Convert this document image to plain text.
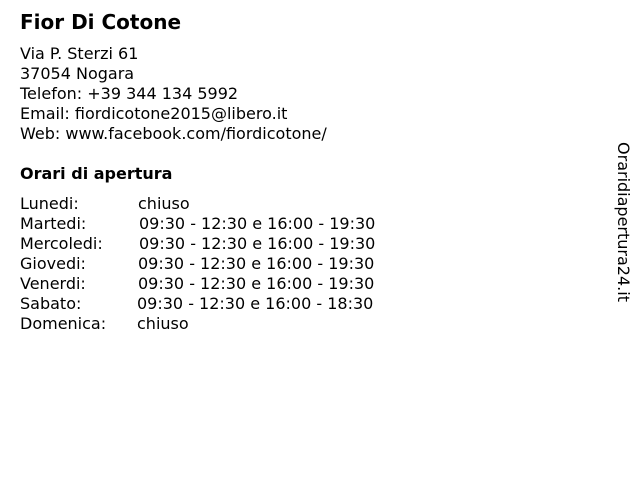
Fior Di Cotone
Via P. Sterzi 61
37054 Nogara
Telefon: +39 344 134 5992
Email: fiordicotone2015@libero.it
Web: www.facebook.com/fiordicotone/
Orari di apertura
Lunedi:	chiuso
Martedi:	09:30 - 12:30 e 16:00 - 19:30
Mercoledi: 09:30 - 12:30 e 16:00 - 19:30
Giovedi:	09:30 - 12:30 e 16:00 - 19:30
Venerdi:	09:30 - 12:30 e 16:00 - 19:30
Sabato:	09:30 - 12:30 e 16:00 - 18:30
Domenica: chiuso
Oraridiapertura24.it
